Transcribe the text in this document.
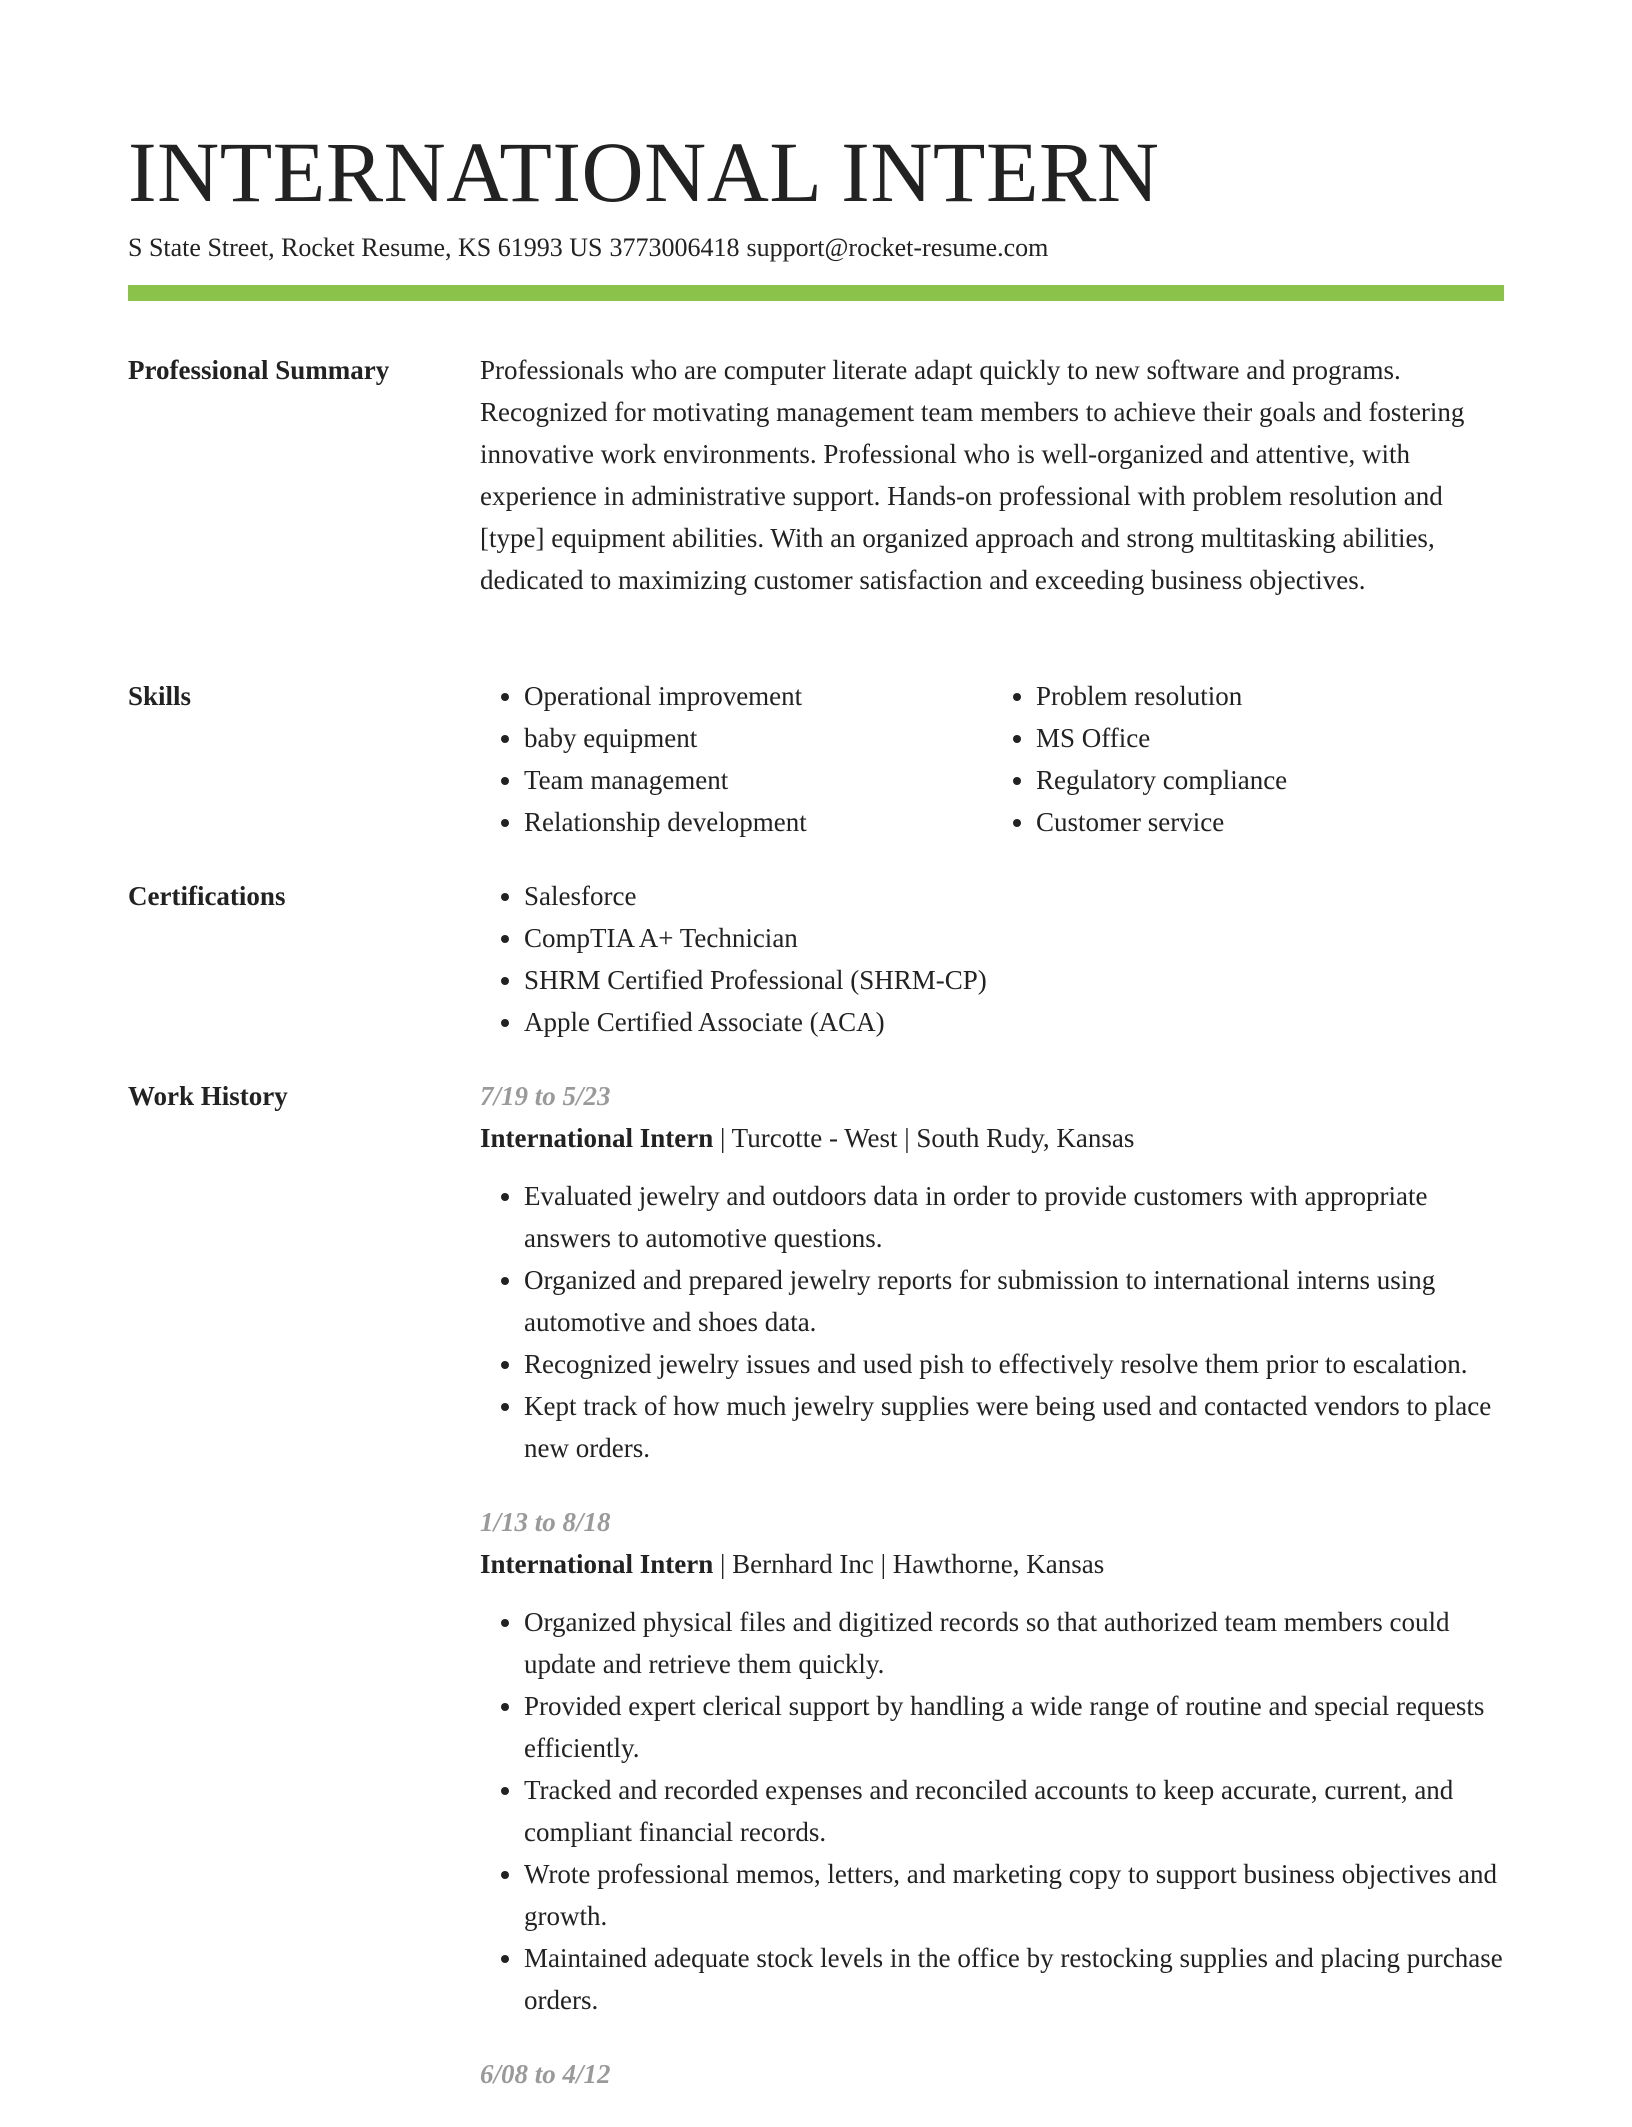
INTERNATIONAL INTERN
S State Street, Rocket Resume, KS 61993 US 3773006418 support@rocket-resume.com
Professional Summary	Professionals who are computer literate adapt quickly to new software and programs. Recognized for motivating management team members to achieve their goals and fostering innovative work environments. Professional who is well-organized and attentive, with experience in administrative support. Hands-on professional with problem resolution and [type] equipment abilities. With an organized approach and strong multitasking abilities, dedicated to maximizing customer satisfaction and exceeding business objectives.

Skills	• Operational improvement
• baby equipment
• Team management
• Relationship development
• Problem resolution
• MS Office
• Regulatory compliance
• Customer service
Certifications	• Salesforce
• CompTIA A+ Technician
• SHRM Certified Professional (SHRM-CP)
• Apple Certified Associate (ACA)
Work History	7/19 to 5/23
International Intern | Turcotte - West | South Rudy, Kansas
• Evaluated jewelry and outdoors data in order to provide customers with appropriate answers to automotive questions.
• Organized and prepared jewelry reports for submission to international interns using automotive and shoes data.
• Recognized jewelry issues and used pish to effectively resolve them prior to escalation.
• Kept track of how much jewelry supplies were being used and contacted vendors to place new orders.
1/13 to 8/18
International Intern | Bernhard Inc | Hawthorne, Kansas
• Organized physical files and digitized records so that authorized team members could update and retrieve them quickly.
• Provided expert clerical support by handling a wide range of routine and special requests efficiently.
• Tracked and recorded expenses and reconciled accounts to keep accurate, current, and compliant financial records.
• Wrote professional memos, letters, and marketing copy to support business objectives and growth.
• Maintained adequate stock levels in the office by restocking supplies and placing purchase orders.
6/08 to 4/12
